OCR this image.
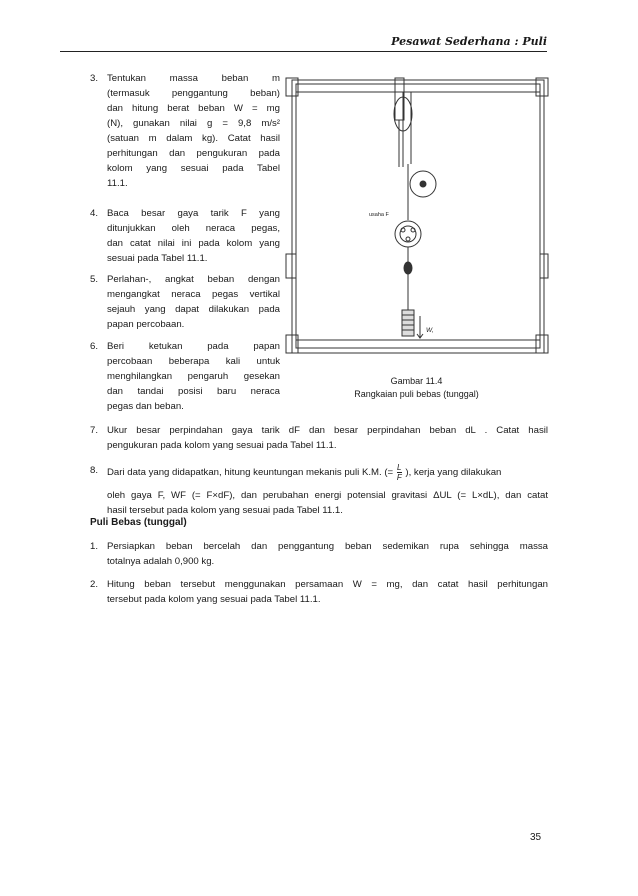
Pesawat Sederhana : Puli
3. Tentukan massa beban m
(termasuk penggantung beban)
dan hitung berat beban W = mg
(N), gunakan nilai g = 9,8 m/s²
(satuan m dalam kg). Catat hasil
perhitungan dan pengukuran pada
kolom yang sesuai pada Tabel
11.1.
4. Baca besar gaya tarik F yang
ditunjukkan oleh neraca pegas,
dan catat nilai ini pada kolom yang
sesuai pada Tabel 11.1.
5. Perlahan-, angkat beban dengan
mengangkat neraca pegas vertikal
sejauh yang dapat dilakukan pada
papan percobaan.
6. Beri ketukan pada papan
percobaan beberapa kali untuk
menghilangkan pengaruh gesekan
dan tandai posisi baru neraca
pegas dan beban.
usaha F
W,
Gambar 11.4
Rangkaian puli bebas (tunggal)
7. Ukur besar perpindahan gaya tarik dF dan besar perpindahan beban dL . Catat hasil
pengukuran pada kolom yang sesuai pada Tabel 11.1.
8. Dari data yang didapatkan, hitung keuntungan mekanis puli K.M. (= $\frac{L}{F}$ ), kerja yang dilakukan
oleh gaya F, WF (= F×dF), dan perubahan energi potensial gravitasi ΔUL (= L×dL), dan catat
hasil tersebut pada kolom yang sesuai pada Tabel 11.1.
Puli Bebas (tunggal)
1. Persiapkan beban bercelah dan penggantung beban sedemikan rupa sehingga massa
totalnya adalah 0,900 kg.
2. Hitung beban tersebut menggunakan persamaan W = mg, dan catat hasil perhitungan
tersebut pada kolom yang sesuai pada Tabel 11.1.
35
